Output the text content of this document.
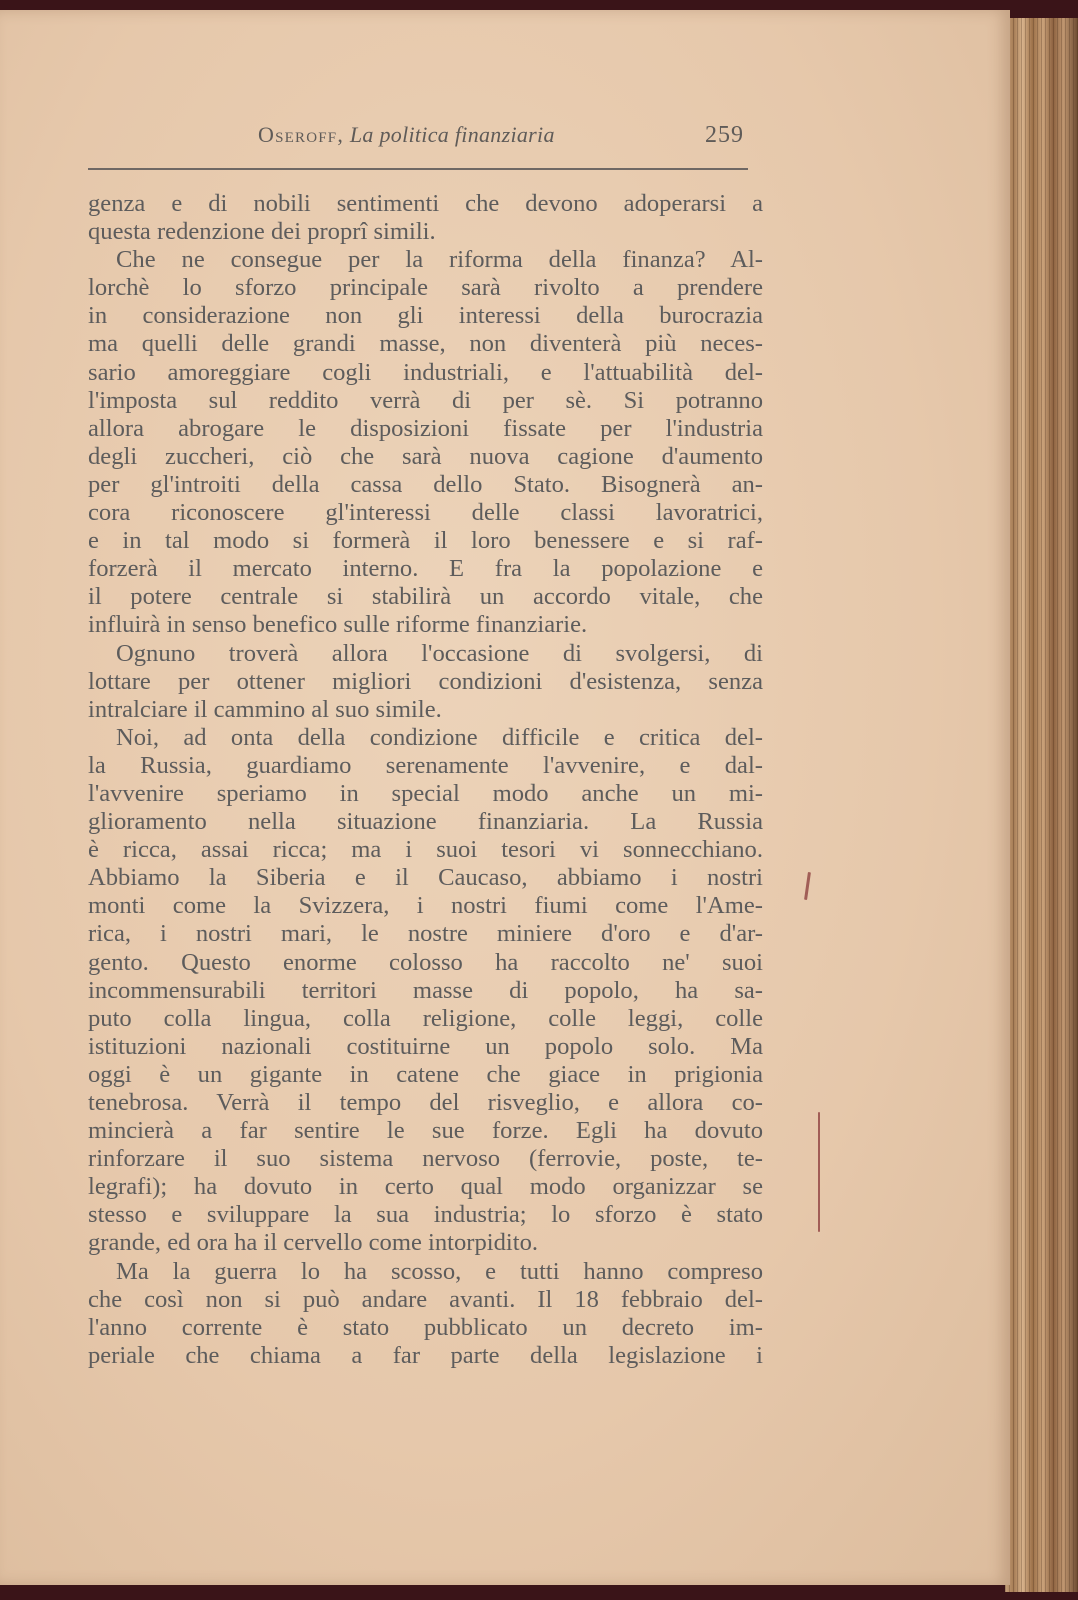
Oseroff, La politica finanziaria	259
genza e di nobili sentimenti che devono adoperarsi a
questa redenzione dei proprî simili.
Che ne consegue per la riforma della finanza? Al-
lorchè lo sforzo principale sarà rivolto a prendere
in considerazione non gli interessi della burocrazia
ma quelli delle grandi masse, non diventerà più neces-
sario amoreggiare cogli industriali, e l'attuabilità del-
l'imposta sul reddito verrà di per sè. Si potranno
allora abrogare le disposizioni fissate per l'industria
degli zuccheri, ciò che sarà nuova cagione d'aumento
per gl'introiti della cassa dello Stato. Bisognerà an-
cora riconoscere gl'interessi delle classi lavoratrici,
e in tal modo si formerà il loro benessere e si raf-
forzerà il mercato interno. E fra la popolazione e
il potere centrale si stabilirà un accordo vitale, che
influirà in senso benefico sulle riforme finanziarie.
Ognuno troverà allora l'occasione di svolgersi, di
lottare per ottener migliori condizioni d'esistenza, senza
intralciare il cammino al suo simile.
Noi, ad onta della condizione difficile e critica del-
la Russia, guardiamo serenamente l'avvenire, e dal-
l'avvenire speriamo in special modo anche un mi-
glioramento nella situazione finanziaria. La Russia
è ricca, assai ricca; ma i suoi tesori vi sonnecchiano.
Abbiamo la Siberia e il Caucaso, abbiamo i nostri
monti come la Svizzera, i nostri fiumi come l'Ame-
rica, i nostri mari, le nostre miniere d'oro e d'ar-
gento. Questo enorme colosso ha raccolto ne' suoi
incommensurabili territori masse di popolo, ha sa-
puto colla lingua, colla religione, colle leggi, colle
istituzioni nazionali costituirne un popolo solo. Ma
oggi è un gigante in catene che giace in prigionia
tenebrosa. Verrà il tempo del risveglio, e allora co-
mincierà a far sentire le sue forze. Egli ha dovuto
rinforzare il suo sistema nervoso (ferrovie, poste, te-
legrafi); ha dovuto in certo qual modo organizzar se
stesso e sviluppare la sua industria; lo sforzo è stato
grande, ed ora ha il cervello come intorpidito.
Ma la guerra lo ha scosso, e tutti hanno compreso
che così non si può andare avanti. Il 18 febbraio del-
l'anno corrente è stato pubblicato un decreto im-
periale che chiama a far parte della legislazione i
